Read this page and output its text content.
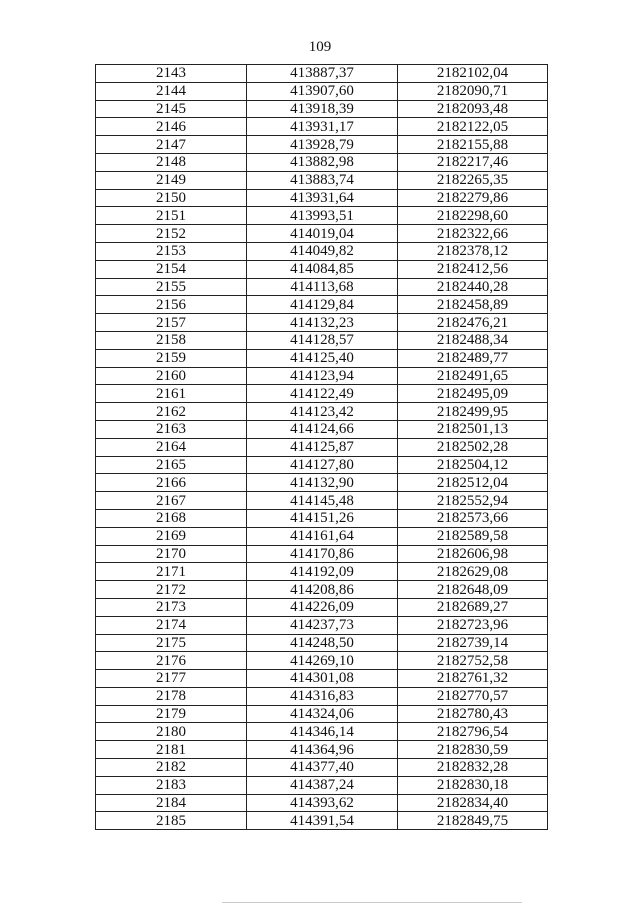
109
2143	413887,37	2182102,04
2144	413907,60	2182090,71
2145	413918,39	2182093,48
2146	413931,17	2182122,05
2147	413928,79	2182155,88
2148	413882,98	2182217,46
2149	413883,74	2182265,35
2150	413931,64	2182279,86
2151	413993,51	2182298,60
2152	414019,04	2182322,66
2153	414049,82	2182378,12
2154	414084,85	2182412,56
2155	414113,68	2182440,28
2156	414129,84	2182458,89
2157	414132,23	2182476,21
2158	414128,57	2182488,34
2159	414125,40	2182489,77
2160	414123,94	2182491,65
2161	414122,49	2182495,09
2162	414123,42	2182499,95
2163	414124,66	2182501,13
2164	414125,87	2182502,28
2165	414127,80	2182504,12
2166	414132,90	2182512,04
2167	414145,48	2182552,94
2168	414151,26	2182573,66
2169	414161,64	2182589,58
2170	414170,86	2182606,98
2171	414192,09	2182629,08
2172	414208,86	2182648,09
2173	414226,09	2182689,27
2174	414237,73	2182723,96
2175	414248,50	2182739,14
2176	414269,10	2182752,58
2177	414301,08	2182761,32
2178	414316,83	2182770,57
2179	414324,06	2182780,43
2180	414346,14	2182796,54
2181	414364,96	2182830,59
2182	414377,40	2182832,28
2183	414387,24	2182830,18
2184	414393,62	2182834,40
2185	414391,54	2182849,75
